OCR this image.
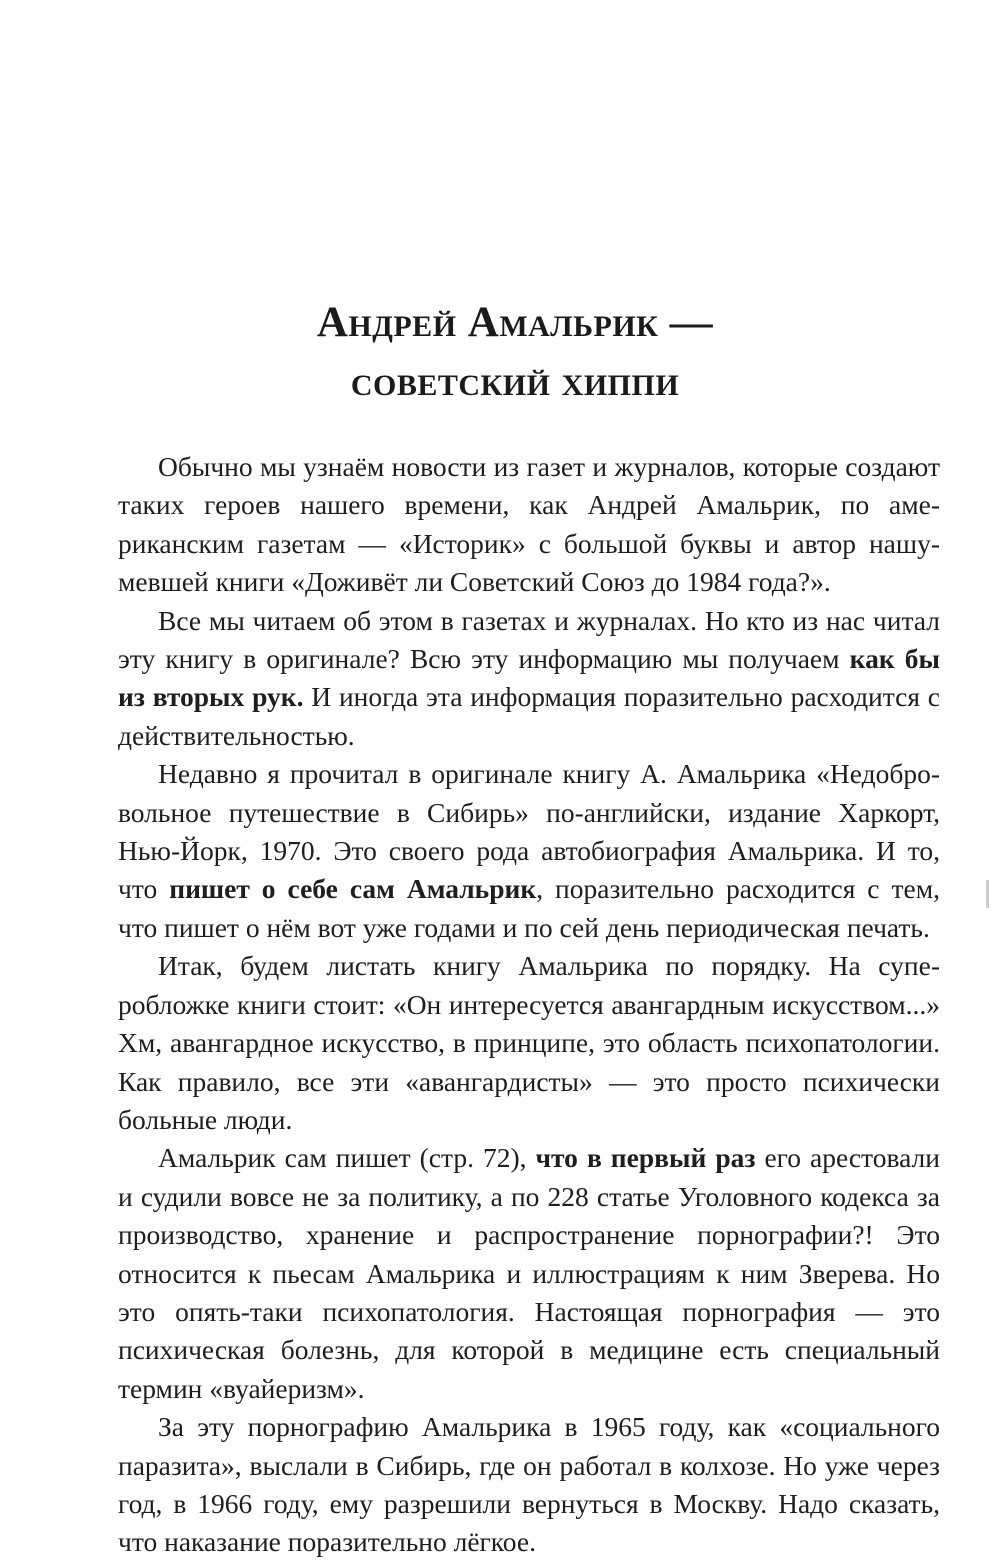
Андрей Амальрик —
советский хиппи

Обычно мы узнаём новости из газет и журналов, которые создают таких героев нашего времени, как Андрей Амальрик, по американским газетам — «Историк» с большой буквы и автор нашумевшей книги «Доживёт ли Советский Союз до 1984 года?».

Все мы читаем об этом в газетах и журналах. Но кто из нас читал эту книгу в оригинале? Всю эту информацию мы получаем как бы из вторых рук. И иногда эта информация поразительно расходится с действительностью.

Недавно я прочитал в оригинале книгу А. Амальрика «Недобровольное путешествие в Сибирь» по-английски, издание Харкорт, Нью-Йорк, 1970. Это своего рода автобиография Амальрика. И то, что пишет о себе сам Амальрик, поразительно расходится с тем, что пишет о нём вот уже годами и по сей день периодическая печать.

Итак, будем листать книгу Амальрика по порядку. На суперобложке книги стоит: «Он интересуется авангардным искусством...» Хм, авангардное искусство, в принципе, это область психопатологии. Как правило, все эти «авангардисты» — это просто психически больные люди.

Амальрик сам пишет (стр. 72), что в первый раз его арестовали и судили вовсе не за политику, а по 228 статье Уголовного кодекса за производство, хранение и распространение порнографии?! Это относится к пьесам Амальрика и иллюстрациям к ним Зверева. Но это опять-таки психопатология. Настоящая порнография — это психическая болезнь, для которой в медицине есть специальный термин «вуайеризм».

За эту порнографию Амальрика в 1965 году, как «социального паразита», выслали в Сибирь, где он работал в колхозе. Но уже через год, в 1966 году, ему разрешили вернуться в Москву. Надо сказать, что наказание поразительно лёгкое.
